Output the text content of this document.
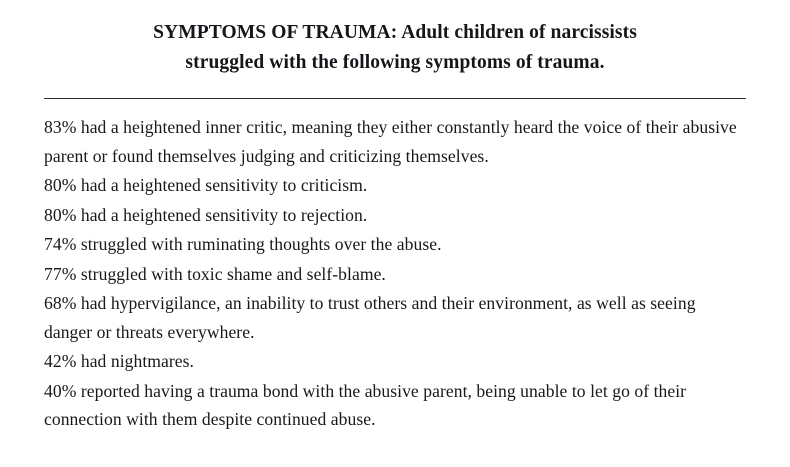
SYMPTOMS OF TRAUMA: Adult children of narcissists
struggled with the following symptoms of trauma.
83% had a heightened inner critic, meaning they either constantly heard the voice of their abusive parent or found themselves judging and criticizing themselves.
80% had a heightened sensitivity to criticism.
80% had a heightened sensitivity to rejection.
74% struggled with ruminating thoughts over the abuse.
77% struggled with toxic shame and self-blame.
68% had hypervigilance, an inability to trust others and their environment, as well as seeing danger or threats everywhere.
42% had nightmares.
40% reported having a trauma bond with the abusive parent, being unable to let go of their connection with them despite continued abuse.
